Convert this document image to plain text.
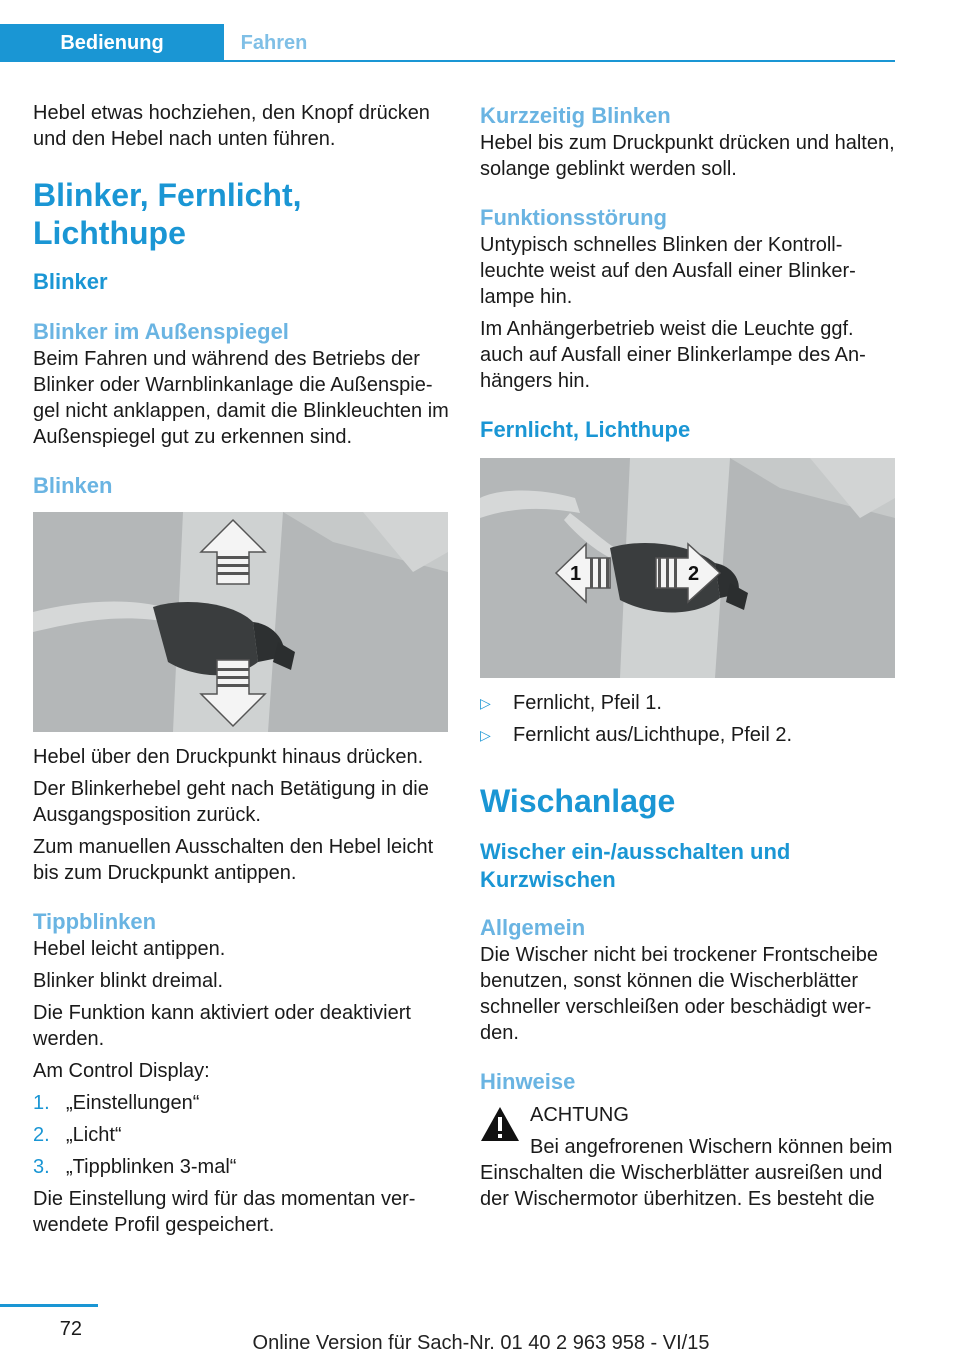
Bedienung	Fahren

Hebel etwas hochziehen, den Knopf drücken und den Hebel nach unten führen.

Blinker, Fernlicht, Lichthupe
Blinker
Blinker im Außenspiegel

Beim Fahren und während des Betriebs der Blinker oder Warnblinkanlage die Außenspiegel nicht anklappen, damit die Blinkleuchten im Außenspiegel gut zu erkennen sind.

Blinken

Hebel über den Druckpunkt hinaus drücken.

Der Blinkerhebel geht nach Betätigung in die Ausgangsposition zurück.

Zum manuellen Ausschalten den Hebel leicht bis zum Druckpunkt antippen.

Tippblinken

Hebel leicht antippen.

Blinker blinkt dreimal.

Die Funktion kann aktiviert oder deaktiviert werden.

Am Control Display:

1. „Einstellungen“
2. „Licht“
3. „Tippblinken 3-mal“

Die Einstellung wird für das momentan verwendete Profil gespeichert.

Kurzzeitig Blinken

Hebel bis zum Druckpunkt drücken und halten, solange geblinkt werden soll.

Funktionsstörung

Untypisch schnelles Blinken der Kontrollleuchte weist auf den Ausfall einer Blinkerlampe hin.

Im Anhängerbetrieb weist die Leuchte ggf. auch auf Ausfall einer Blinkerlampe des Anhängers hin.

Fernlicht, Lichthupe
1	2
▷ Fernlicht, Pfeil 1.
▷ Fernlicht aus/Lichthupe, Pfeil 2.
Wischanlage
Wischer ein-/ausschalten und Kurzwischen
Allgemein

Die Wischer nicht bei trockener Frontscheibe benutzen, sonst können die Wischerblätter schneller verschleißen oder beschädigt werden.

Hinweise

ACHTUNG

Bei angefrorenen Wischern können beim

Einschalten die Wischerblätter ausreißen und der Wischermotor überhitzen. Es besteht die

72
Online Version für Sach-Nr. 01 40 2 963 958 - VI/15
